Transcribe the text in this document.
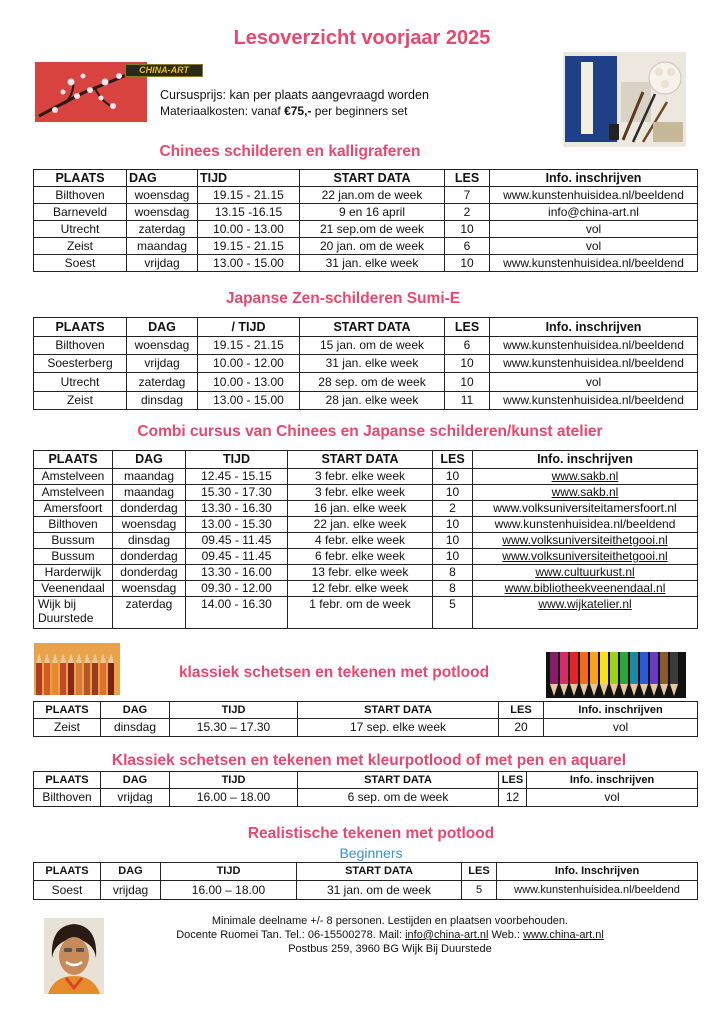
Lesoverzicht voorjaar 2025
CHINA-ART
Cursusprijs: kan per plaats aangevraagd worden
Materiaalkosten: vanaf €75,- per beginners set
Chinees schilderen en kalligraferen
PLAATS	DAG	TIJD	START DATA	LES	Info. inschrijven
Bilthoven	woensdag	19.15 - 21.15	22 jan.om de week	7	www.kunstenhuisidea.nl/beeldend
Barneveld	woensdag	13.15 -16.15	9 en 16 april	2	info@china-art.nl
Utrecht	zaterdag	10.00 - 13.00	21 sep.om de week	10	vol
Zeist	maandag	19.15 - 21.15	20 jan. om de week	6	vol
Soest	vrijdag	13.00 - 15.00	31 jan. elke week	10	www.kunstenhuisidea.nl/beeldend
Japanse Zen-schilderen Sumi-E
PLAATS	DAG	/ TIJD	START DATA	LES	Info. inschrijven
Bilthoven	woensdag	19.15 - 21.15	15 jan. om de week	6	www.kunstenhuisidea.nl/beeldend
Soesterberg	vrijdag	10.00 - 12.00	31 jan. elke week	10	www.kunstenhuisidea.nl/beeldend
Utrecht	zaterdag	10.00 - 13.00	28 sep. om de week	10	vol
Zeist	dinsdag	13.00 - 15.00	28 jan. elke week	11	www.kunstenhuisidea.nl/beeldend
Combi cursus van Chinees en Japanse schilderen/kunst atelier
PLAATS	DAG	TIJD	START DATA	LES	Info. inschrijven
Amstelveen	maandag	12.45 - 15.15	3 febr. elke week	10	www.sakb.nl
Amstelveen	maandag	15.30 - 17.30	3 febr. elke week	10	www.sakb.nl
Amersfoort	donderdag	13.30 - 16.30	16 jan. elke week	2	www.volksuniversiteitamersfoort.nl
Bilthoven	woensdag	13.00 - 15.30	22 jan. elke week	10	www.kunstenhuisidea.nl/beeldend
Bussum	dinsdag	09.45 - 11.45	4 febr. elke week	10	www.volksuniversiteithetgooi.nl
Bussum	donderdag	09.45 - 11.45	6 febr. elke week	10	www.volksuniversiteithetgooi.nl
Harderwijk	donderdag	13.30 - 16.00	13 febr. elke week	8	www.cultuurkust.nl
Veenendaal	woensdag	09.30 - 12.00	12 febr. elke week	8	www.bibliotheekveenendaal.nl

Wijk bij
Duurstede	zaterdag	14.00 - 16.30	1 febr. om de week	5	www.wijkatelier.nl
klassiek schetsen en tekenen met potlood
PLAATS	DAG	TIJD	START DATA	LES	Info. inschrijven
Zeist	dinsdag	15.30 – 17.30	17 sep. elke week	20	vol
Klassiek schetsen en tekenen met kleurpotlood of met pen en aquarel
PLAATS	DAG	TIJD	START DATA	LES	Info. inschrijven
Bilthoven	vrijdag	16.00 – 18.00	6 sep. om de week	12	vol
Realistische tekenen met potlood
Beginners
PLAATS	DAG	TIJD	START DATA	LES	Info. Inschrijven
Soest	vrijdag	16.00 – 18.00	31 jan. om de week	5	www.kunstenhuisidea.nl/beeldend
Minimale deelname +/- 8 personen. Lestijden en plaatsen voorbehouden.
Docente Ruomei Tan. Tel.: 06-15500278. Mail: info@china-art.nl Web.: www.china-art.nl
Postbus 259, 3960 BG Wijk Bij Duurstede
